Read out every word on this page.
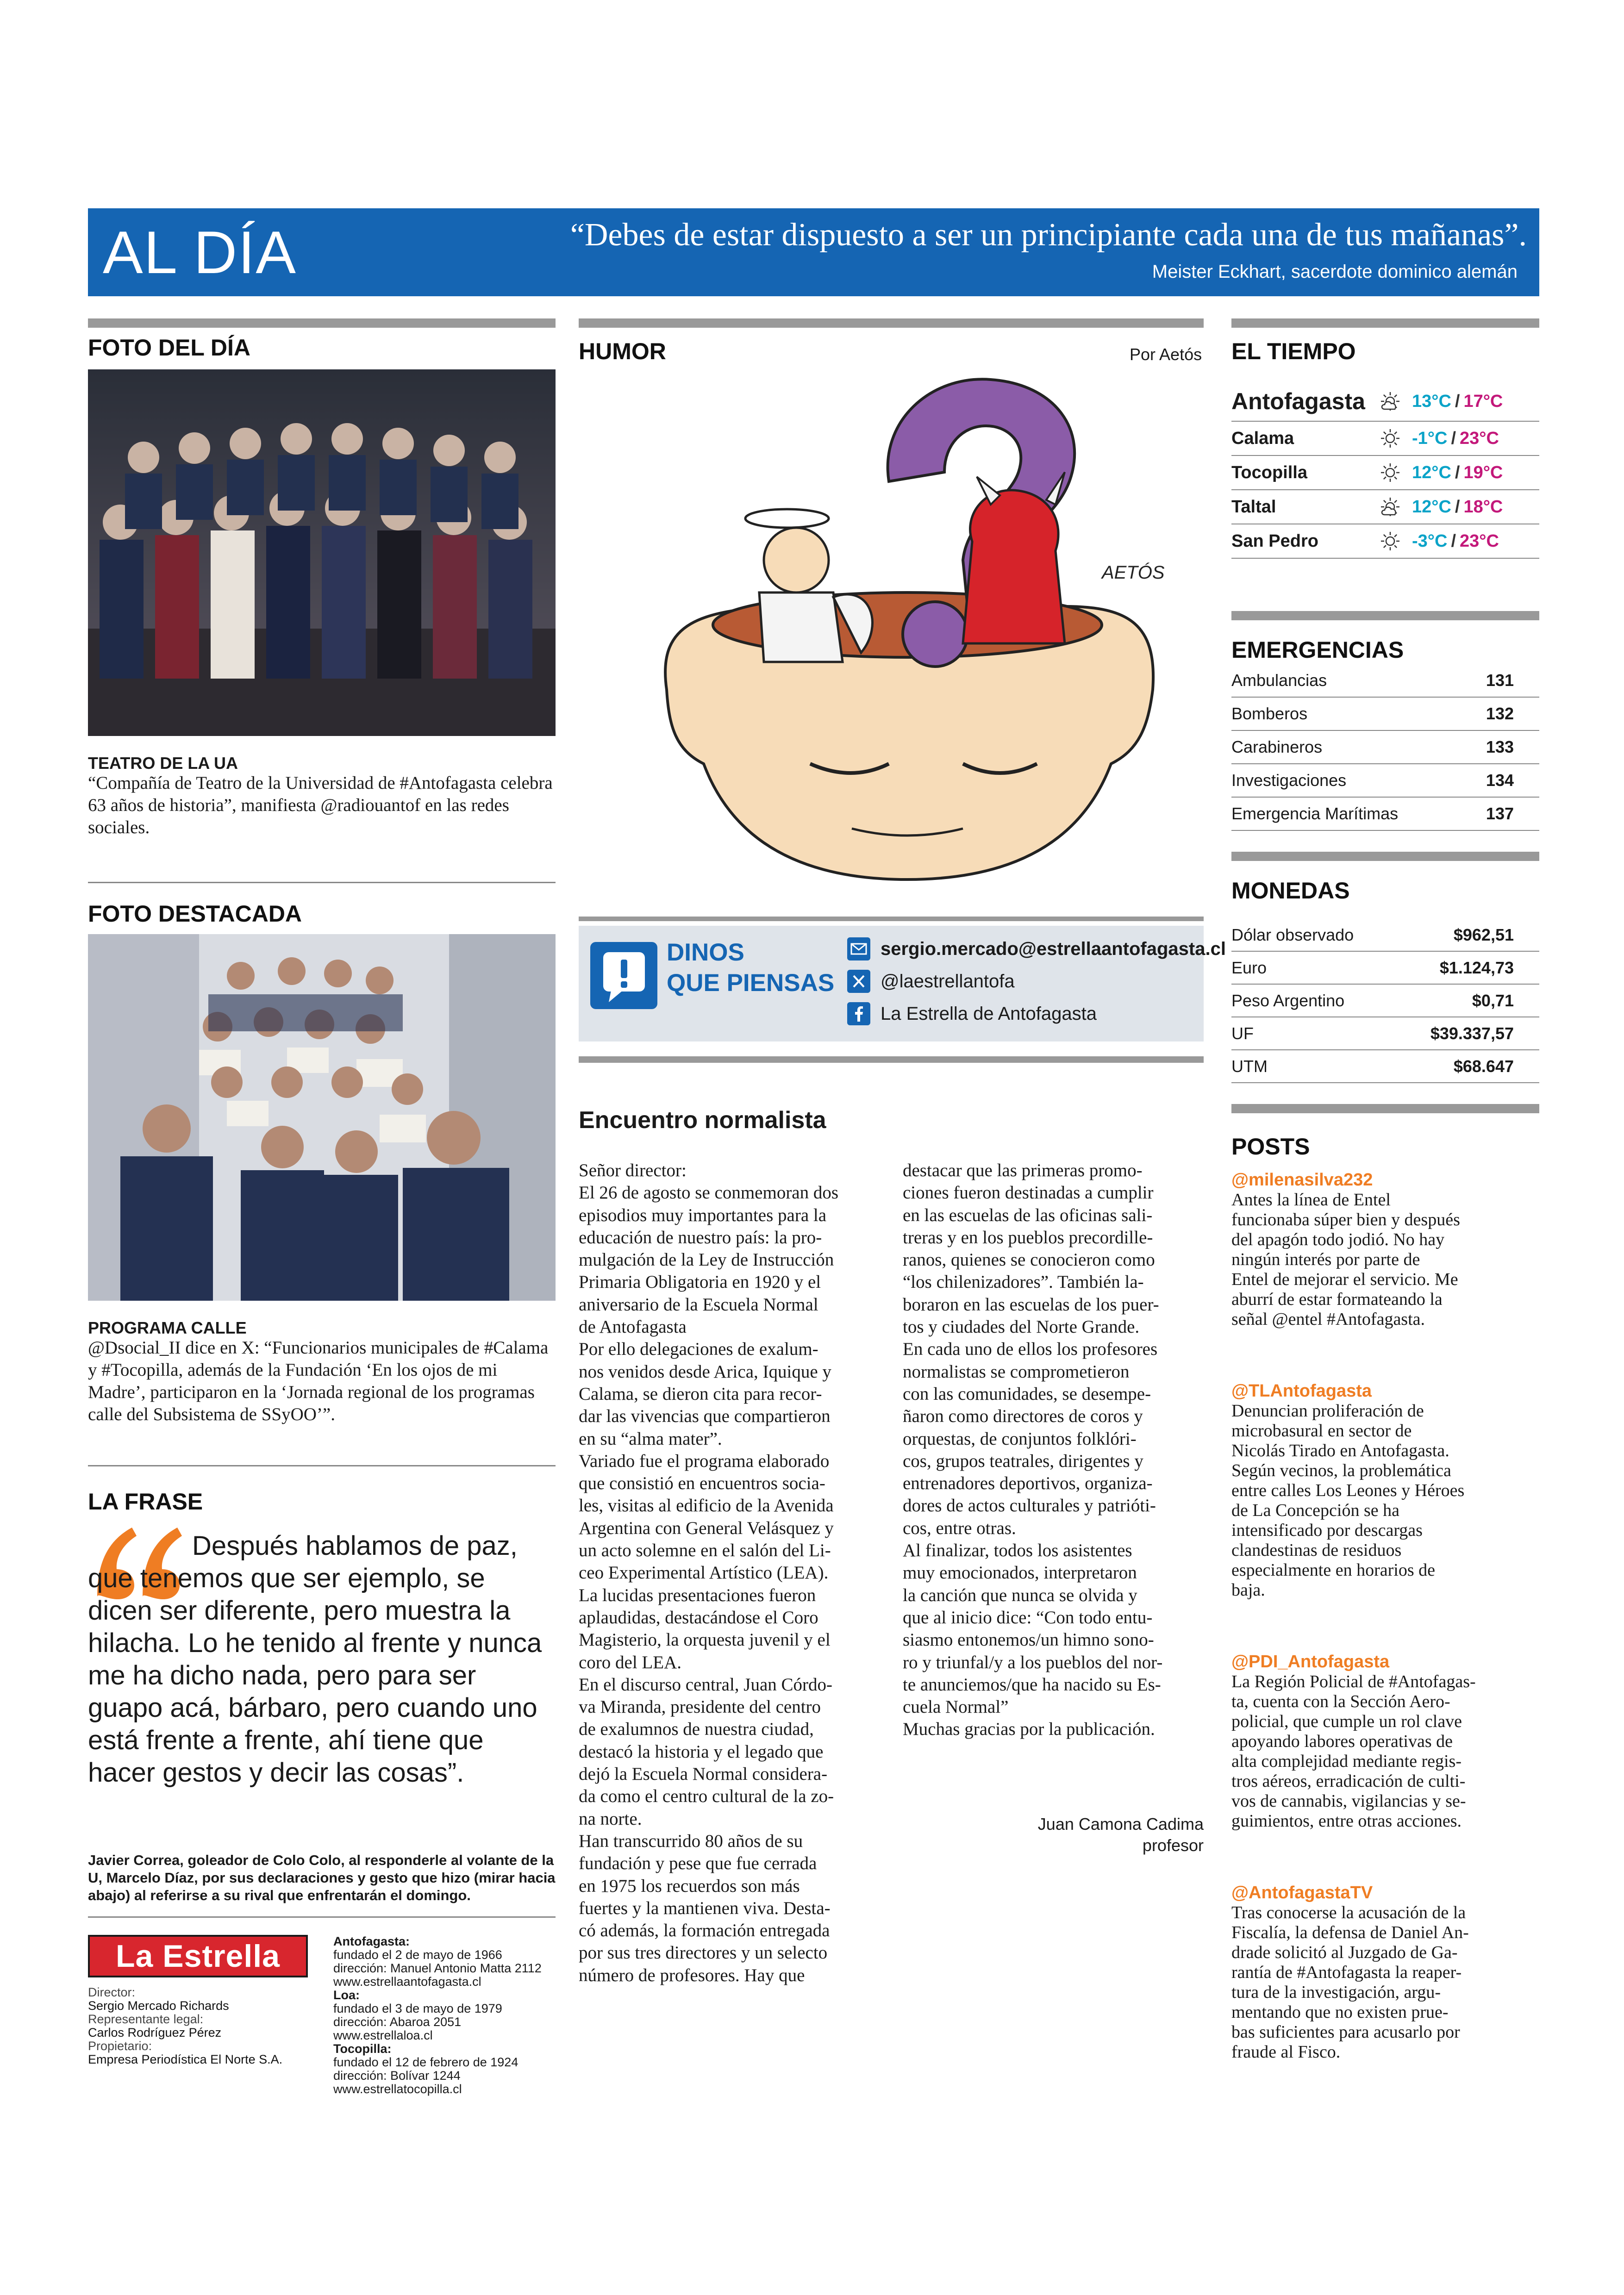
AL DÍA	“Debes de estar dispuesto a ser un principiante cada una de tus mañanas”.
Meister Eckhart, sacerdote dominico alemán
FOTO DEL DÍA
TEATRO DE LA UA
“Compañía de Teatro de la Universidad de #Antofagasta celebra 63 años de historia”, manifiesta @radiouantof en las redes sociales.
FOTO DESTACADA
PROGRAMA CALLE
@Dsocial_II dice en X: “Funcionarios municipales de #Calama y #Tocopilla, además de la Fundación ‘En los ojos de mi Madre’, participaron en la ‘Jornada regional de los programas calle del Subsistema de SSyOO’”.
LA FRASE
Después hablamos de paz, que tenemos que ser ejemplo, se dicen ser diferente, pero muestra la hilacha. Lo he tenido al frente y nunca me ha dicho nada, pero para ser guapo acá, bárbaro, pero cuando uno está frente a frente, ahí tiene que hacer gestos y decir las cosas”.
Javier Correa, goleador de Colo Colo, al responderle al volante de la U, Marcelo Díaz, por sus declaraciones y gesto que hizo (mirar hacia abajo) al referirse a su rival que enfrentarán el domingo.
La Estrella
Director:
Sergio Mercado Richards
Representante legal:
Carlos Rodríguez Pérez
Propietario:
Empresa Periodística El Norte S.A.
Antofagasta:
fundado el 2 de mayo de 1966
dirección: Manuel Antonio Matta 2112
www.estrellaantofagasta.cl
Loa:
fundado el 3 de mayo de 1979
dirección: Abaroa 2051
www.estrellaloa.cl
Tocopilla:
fundado el 12 de febrero de 1924
dirección: Bolívar 1244
www.estrellatocopilla.cl
HUMOR	Por Aetós
AETÓS
DINOS
QUE PIENSAS
sergio.mercado@estrellaantofagasta.cl
@laestrellantofa
La Estrella de Antofagasta
Encuentro normalista
Señor director:
El 26 de agosto se conmemoran dos
episodios muy importantes para la
educación de nuestro país: la pro-
mulgación de la Ley de Instrucción
Primaria Obligatoria en 1920 y el
aniversario de la Escuela Normal
de Antofagasta
Por ello delegaciones de exalum-
nos venidos desde Arica, Iquique y
Calama, se dieron cita para recor-
dar las vivencias que compartieron
en su “alma mater”.
Variado fue el programa elaborado
que consistió en encuentros socia-
les, visitas al edificio de la Avenida
Argentina con General Velásquez y
un acto solemne en el salón del Li-
ceo Experimental Artístico (LEA).
La lucidas presentaciones fueron
aplaudidas, destacándose el Coro
Magisterio, la orquesta juvenil y el
coro del LEA.
En el discurso central, Juan Córdo-
va Miranda, presidente del centro
de exalumnos de nuestra ciudad,
destacó la historia y el legado que
dejó la Escuela Normal considera-
da como el centro cultural de la zo-
na norte.
Han transcurrido 80 años de su
fundación y pese que fue cerrada
en 1975 los recuerdos son más
fuertes y la mantienen viva. Desta-
có además, la formación entregada
por sus tres directores y un selecto
número de profesores. Hay que
destacar que las primeras promo-
ciones fueron destinadas a cumplir
en las escuelas de las oficinas sali-
treras y en los pueblos precordille-
ranos, quienes se conocieron como
“los chilenizadores”. También la-
boraron en las escuelas de los puer-
tos y ciudades del Norte Grande.
En cada uno de ellos los profesores
normalistas se comprometieron
con las comunidades, se desempe-
ñaron como directores de coros y
orquestas, de conjuntos folklóri-
cos, grupos teatrales, dirigentes y
entrenadores deportivos, organiza-
dores de actos culturales y patrióti-
cos, entre otras.
Al finalizar, todos los asistentes
muy emocionados, interpretaron
la canción que nunca se olvida y
que al inicio dice: “Con todo entu-
siasmo entonemos/un himno sono-
ro y triunfal/y a los pueblos del nor-
te anunciemos/que ha nacido su Es-
cuela Normal”
Muchas gracias por la publicación.
Juan Camona Cadima
profesor
EL TIEMPO
Antofagasta	13°C / 17°C
Calama	-1°C / 23°C
Tocopilla	12°C / 19°C
Taltal	12°C / 18°C
San Pedro	-3°C / 23°C
EMERGENCIAS
Ambulancias	131
Bomberos	132
Carabineros	133
Investigaciones	134
Emergencia Marítimas	137
MONEDAS
Dólar observado	$962,51
Euro	$1.124,73
Peso Argentino	$0,71
UF	$39.337,57
UTM	$68.647
POSTS
@milenasilva232
Antes la línea de Entel
funcionaba súper bien y después
del apagón todo jodió. No hay
ningún interés por parte de
Entel de mejorar el servicio. Me
aburrí de estar formateando la
señal @entel #Antofagasta.
@TLAntofagasta
Denuncian proliferación de
microbasural en sector de
Nicolás Tirado en Antofagasta.
Según vecinos, la problemática
entre calles Los Leones y Héroes
de La Concepción se ha
intensificado por descargas
clandestinas de residuos
especialmente en horarios de
baja.
@PDI_Antofagasta
La Región Policial de #Antofagas-
ta, cuenta con la Sección Aero-
policial, que cumple un rol clave
apoyando labores operativas de
alta complejidad mediante regis-
tros aéreos, erradicación de culti-
vos de cannabis, vigilancias y se-
guimientos, entre otras acciones.
@AntofagastaTV
Tras conocerse la acusación de la
Fiscalía, la defensa de Daniel An-
drade solicitó al Juzgado de Ga-
rantía de #Antofagasta la reaper-
tura de la investigación, argu-
mentando que no existen prue-
bas suficientes para acusarlo por
fraude al Fisco.
